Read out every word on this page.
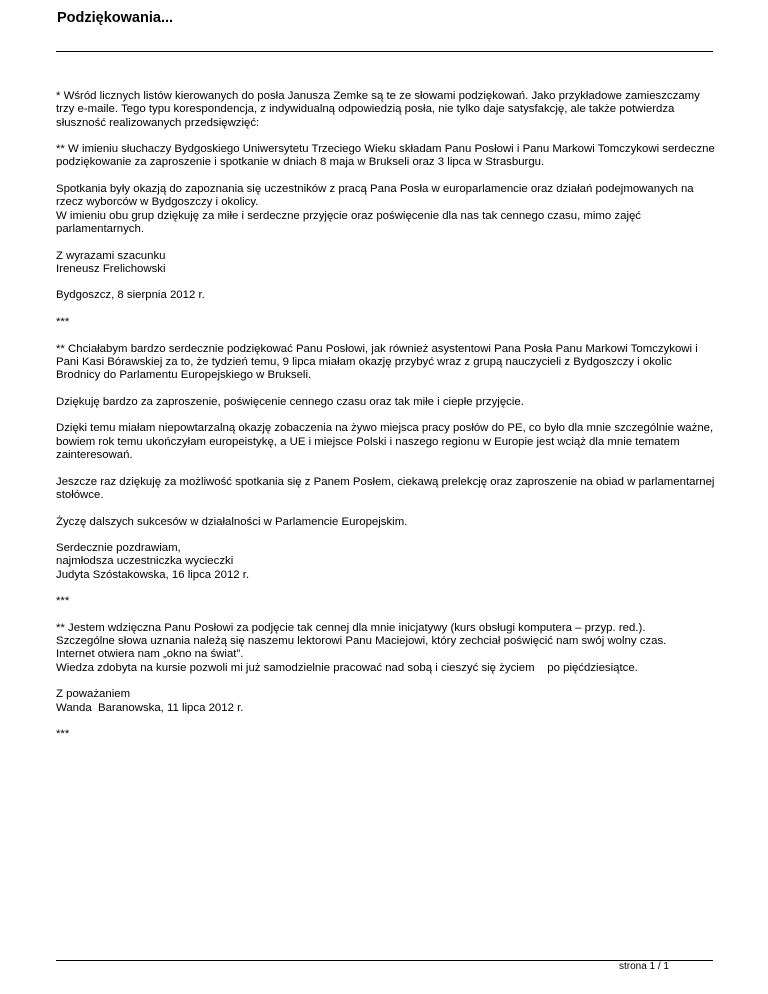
Podziękowania...

* Wśród licznych listów kierowanych do posła Janusza Zemke są te ze słowami podziękowań. Jako przykładowe zamieszczamy trzy e-maile. Tego typu korespondencja, z indywidualną odpowiedzią posła, nie tylko daje satysfakcję, ale także potwierdza słuszność realizowanych przedsięwzięć:

** W imieniu słuchaczy Bydgoskiego Uniwersytetu Trzeciego Wieku składam Panu Posłowi i Panu Markowi Tomczykowi serdeczne podziękowanie za zaproszenie i spotkanie w dniach 8 maja w Brukseli oraz 3 lipca w Strasburgu.

Spotkania były okazją do zapoznania się uczestników z pracą Pana Posła w europarlamencie oraz działań podejmowanych na rzecz wyborców w Bydgoszczy i okolicy.
W imieniu obu grup dziękuję za miłe i serdeczne przyjęcie oraz poświęcenie dla nas tak cennego czasu, mimo zajęć parlamentarnych.

Z wyrazami szacunku
Ireneusz Frelichowski

Bydgoszcz, 8 sierpnia 2012 r.

***

** Chciałabym bardzo serdecznie podziękować Panu Posłowi, jak również asystentowi Pana Posła Panu Markowi Tomczykowi i Pani Kasi Bórawskiej za to, że tydzień temu, 9 lipca miałam okazję przybyć wraz z grupą nauczycieli z Bydgoszczy i okolic Brodnicy do Parlamentu Europejskiego w Brukseli.

Dziękuję bardzo za zaproszenie, poświęcenie cennego czasu oraz tak miłe i ciepłe przyjęcie.

Dzięki temu miałam niepowtarzalną okazję zobaczenia na żywo miejsca pracy posłów do PE, co było dla mnie szczególnie ważne, bowiem rok temu ukończyłam europeistykę, a UE i miejsce Polski i naszego regionu w Europie jest wciąż dla mnie tematem zainteresowań.

Jeszcze raz dziękuję za możliwość spotkania się z Panem Posłem, ciekawą prelekcję oraz zaproszenie na obiad w parlamentarnej stołówce.

Życzę dalszych sukcesów w działalności w Parlamencie Europejskim.

Serdecznie pozdrawiam,
najmłodsza uczestniczka wycieczki
Judyta Szóstakowska, 16 lipca 2012 r.

***

** Jestem wdzięczna Panu Posłowi za podjęcie tak cennej dla mnie inicjatywy (kurs obsługi komputera – przyp. red.).
Szczególne słowa uznania należą się naszemu lektorowi Panu Maciejowi, który zechciał poświęcić nam swój wolny czas.
Internet otwiera nam „okno na świat”.
Wiedza zdobyta na kursie pozwoli mi już samodzielnie pracować nad sobą i cieszyć się życiem    po pięćdziesiątce.

Z poważaniem
Wanda  Baranowska, 11 lipca 2012 r.

***

strona 1 / 1
